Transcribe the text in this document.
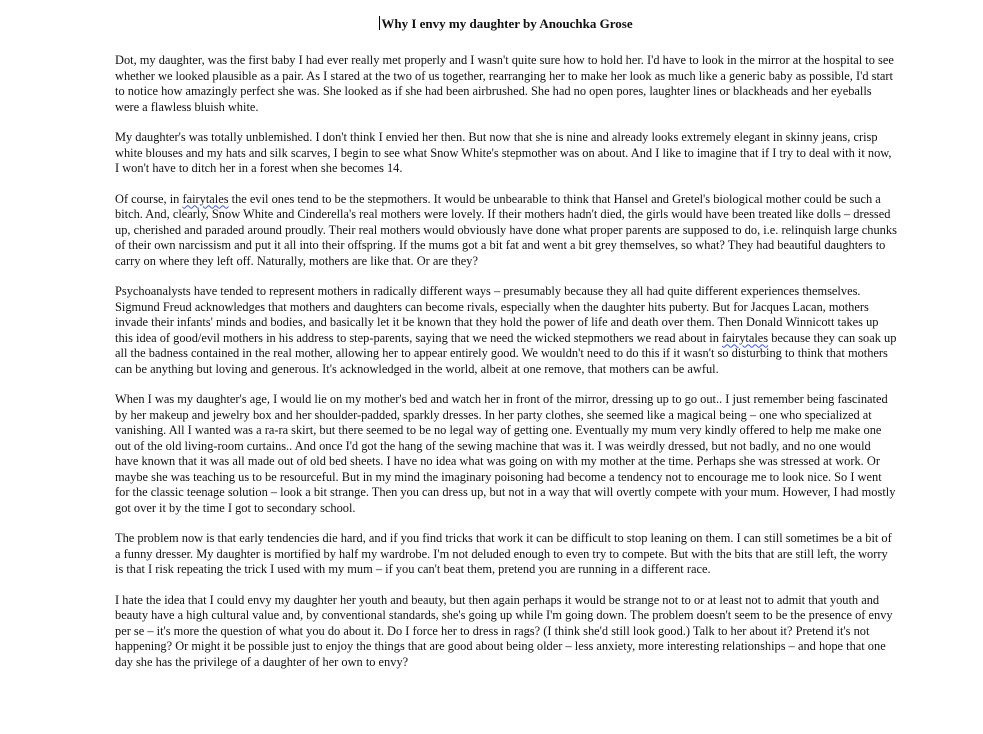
Why I envy my daughter by Anouchka Grose

Dot, my daughter, was the first baby I had ever really met properly and I wasn't quite sure how to hold her. I'd have to look in the mirror at the hospital to see whether we looked plausible as a pair. As I stared at the two of us together, rearranging her to make her look as much like a generic baby as possible, I'd start to notice how amazingly perfect she was. She looked as if she had been airbrushed. She had no open pores, laughter lines or blackheads and her eyeballs were a flawless bluish white.

My daughter's was totally unblemished. I don't think I envied her then. But now that she is nine and already looks extremely elegant in skinny jeans, crisp white blouses and my hats and silk scarves, I begin to see what Snow White's stepmother was on about. And I like to imagine that if I try to deal with it now, I won't have to ditch her in a forest when she becomes 14.

Of course, in fairytales the evil ones tend to be the stepmothers. It would be unbearable to think that Hansel and Gretel's biological mother could be such a bitch. And, clearly, Snow White and Cinderella's real mothers were lovely. If their mothers hadn't died, the girls would have been treated like dolls – dressed up, cherished and paraded around proudly. Their real mothers would obviously have done what proper parents are supposed to do, i.e. relinquish large chunks of their own narcissism and put it all into their offspring. If the mums got a bit fat and went a bit grey themselves, so what? They had beautiful daughters to carry on where they left off. Naturally, mothers are like that. Or are they?

Psychoanalysts have tended to represent mothers in radically different ways – presumably because they all had quite different experiences themselves. Sigmund Freud acknowledges that mothers and daughters can become rivals, especially when the daughter hits puberty. But for Jacques Lacan, mothers invade their infants' minds and bodies, and basically let it be known that they hold the power of life and death over them. Then Donald Winnicott takes up this idea of good/evil mothers in his address to step-parents, saying that we need the wicked stepmothers we read about in fairytales because they can soak up all the badness contained in the real mother, allowing her to appear entirely good. We wouldn't need to do this if it wasn't so disturbing to think that mothers can be anything but loving and generous. It's acknowledged in the world, albeit at one remove, that mothers can be awful.

When I was my daughter's age, I would lie on my mother's bed and watch her in front of the mirror, dressing up to go out.. I just remember being fascinated by her makeup and jewelry box and her shoulder-padded, sparkly dresses. In her party clothes, she seemed like a magical being – one who specialized at vanishing. All I wanted was a ra-ra skirt, but there seemed to be no legal way of getting one. Eventually my mum very kindly offered to help me make one out of the old living-room curtains.. And once I'd got the hang of the sewing machine that was it. I was weirdly dressed, but not badly, and no one would have known that it was all made out of old bed sheets. I have no idea what was going on with my mother at the time. Perhaps she was stressed at work. Or maybe she was teaching us to be resourceful. But in my mind the imaginary poisoning had become a tendency not to encourage me to look nice. So I went for the classic teenage solution – look a bit strange. Then you can dress up, but not in a way that will overtly compete with your mum. However, I had mostly got over it by the time I got to secondary school.

The problem now is that early tendencies die hard, and if you find tricks that work it can be difficult to stop leaning on them. I can still sometimes be a bit of a funny dresser. My daughter is mortified by half my wardrobe. I'm not deluded enough to even try to compete. But with the bits that are still left, the worry is that I risk repeating the trick I used with my mum – if you can't beat them, pretend you are running in a different race.

I hate the idea that I could envy my daughter her youth and beauty, but then again perhaps it would be strange not to or at least not to admit that youth and beauty have a high cultural value and, by conventional standards, she's going up while I'm going down. The problem doesn't seem to be the presence of envy per se – it's more the question of what you do about it. Do I force her to dress in rags? (I think she'd still look good.) Talk to her about it? Pretend it's not happening? Or might it be possible just to enjoy the things that are good about being older – less anxiety, more interesting relationships – and hope that one day she has the privilege of a daughter of her own to envy?
